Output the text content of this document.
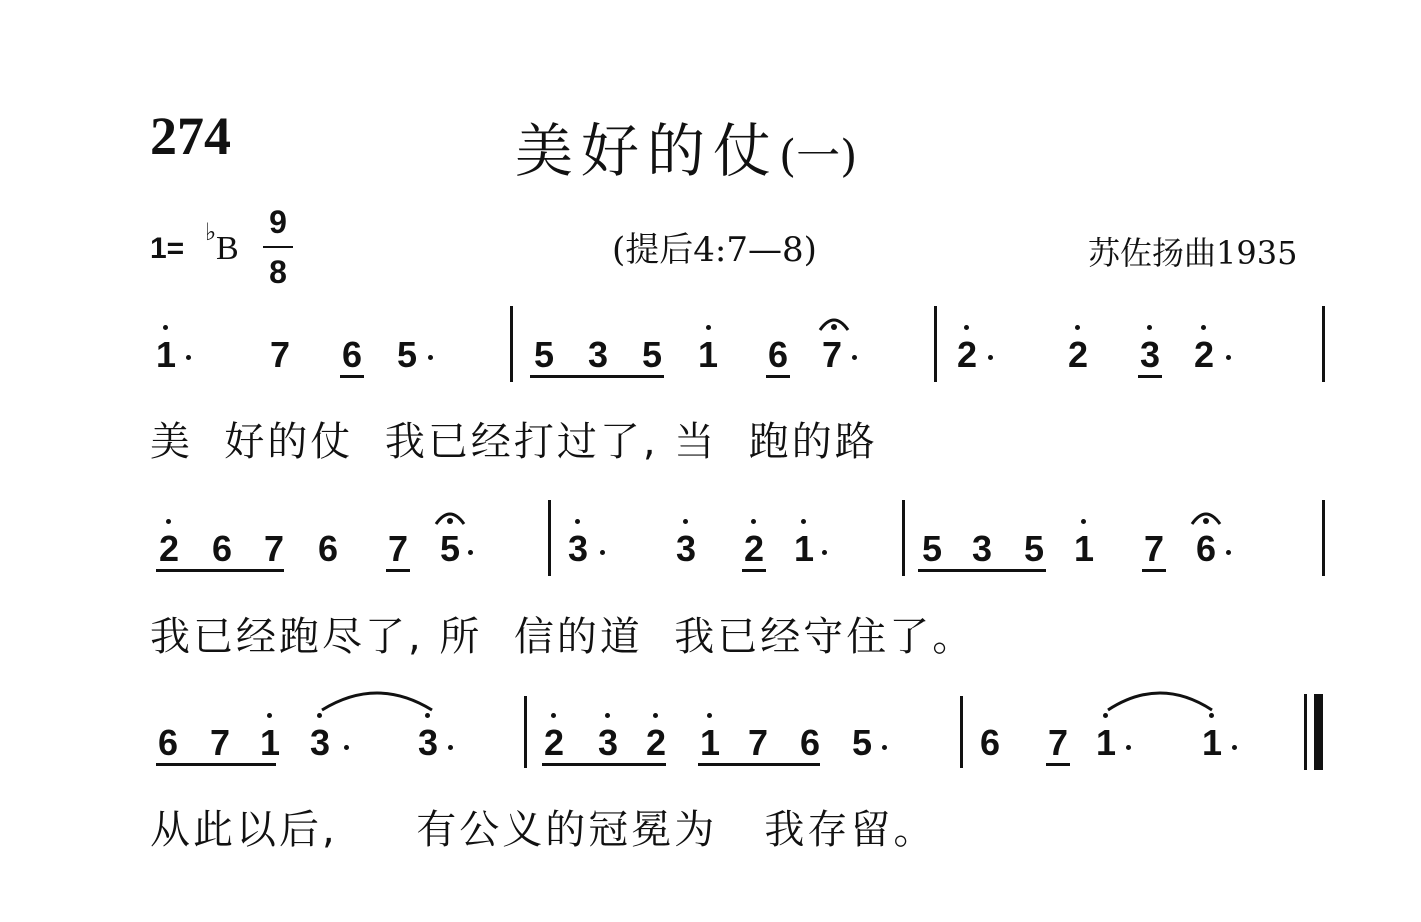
274	美好的仗(一)
1= ♭ B
9
8
(提后4:7—8)	苏佐扬曲1935
1	7 6 5	5 3 5 1 6 7	2	2 3 2
美  好的仗  我已经打过了, 当  跑的路
2 6 7 6 7 5	3 3 2 1	5 3 5 1 7 6
我已经跑尽了, 所  信的道  我已经守住了。
6 7 1 3 3	2 3 2 1 7 6 5	6 7 1 1
从此以后,     有公义的冠冕为   我存留。
